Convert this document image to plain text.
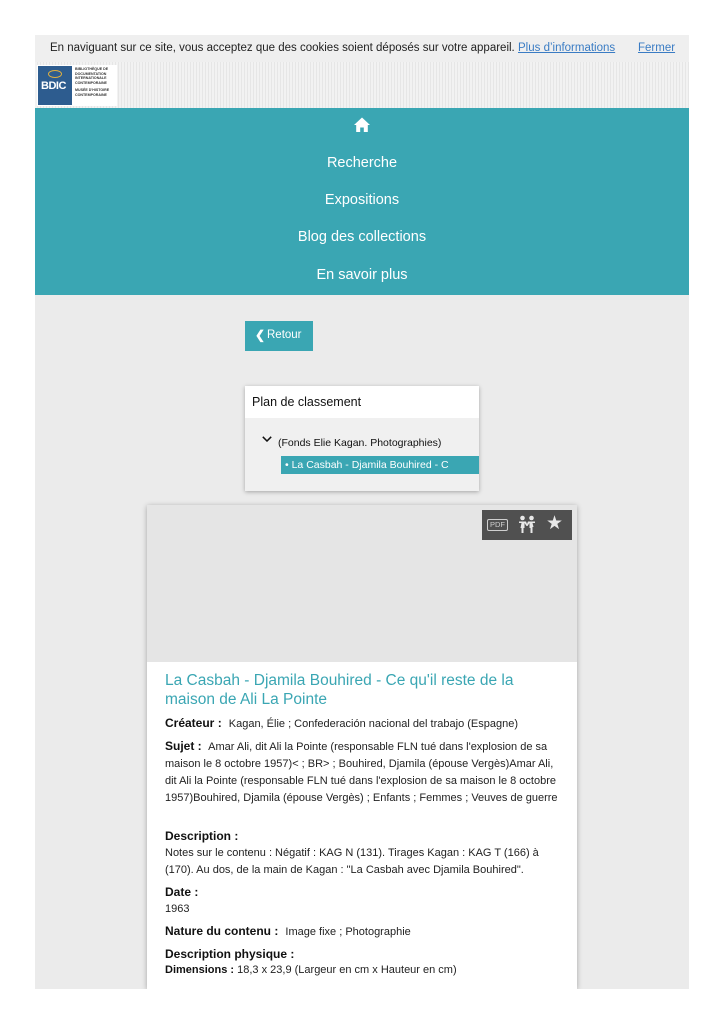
En naviguant sur ce site, vous acceptez que des cookies soient déposés sur votre appareil. Plus d’informations Fermer
BDIC
BIBLIOTHÈQUE DE DOCUMENTATION INTERNATIONALE CONTEMPORAINE
MUSÉE D'HISTOIRE CONTEMPORAINE
Recherche
Expositions
Blog des collections
En savoir plus
❮ Retour
Plan de classement
(Fonds Elie Kagan. Photographies)
• La Casbah - Djamila Bouhired - C
PDF ★
La Casbah - Djamila Bouhired - Ce qu'il reste de la maison de Ali La Pointe
Créateur : Kagan, Élie ; Confederación nacional del trabajo (Espagne)
Sujet : Amar Ali, dit Ali la Pointe (responsable FLN tué dans l'explosion de sa maison le 8 octobre 1957)< ; BR> ; Bouhired, Djamila (épouse Vergès)Amar Ali, dit Ali la Pointe (responsable FLN tué dans l'explosion de sa maison le 8 octobre 1957)Bouhired, Djamila (épouse Vergès) ; Enfants ; Femmes ; Veuves de guerre
Description :
Notes sur le contenu : Négatif : KAG N (131). Tirages Kagan : KAG T (166) à (170). Au dos, de la main de Kagan : "La Casbah avec Djamila Bouhired".
Date :
1963
Nature du contenu : Image fixe ; Photographie
Description physique :
Dimensions : 18,3 x 23,9 (Largeur en cm x Hauteur en cm)
